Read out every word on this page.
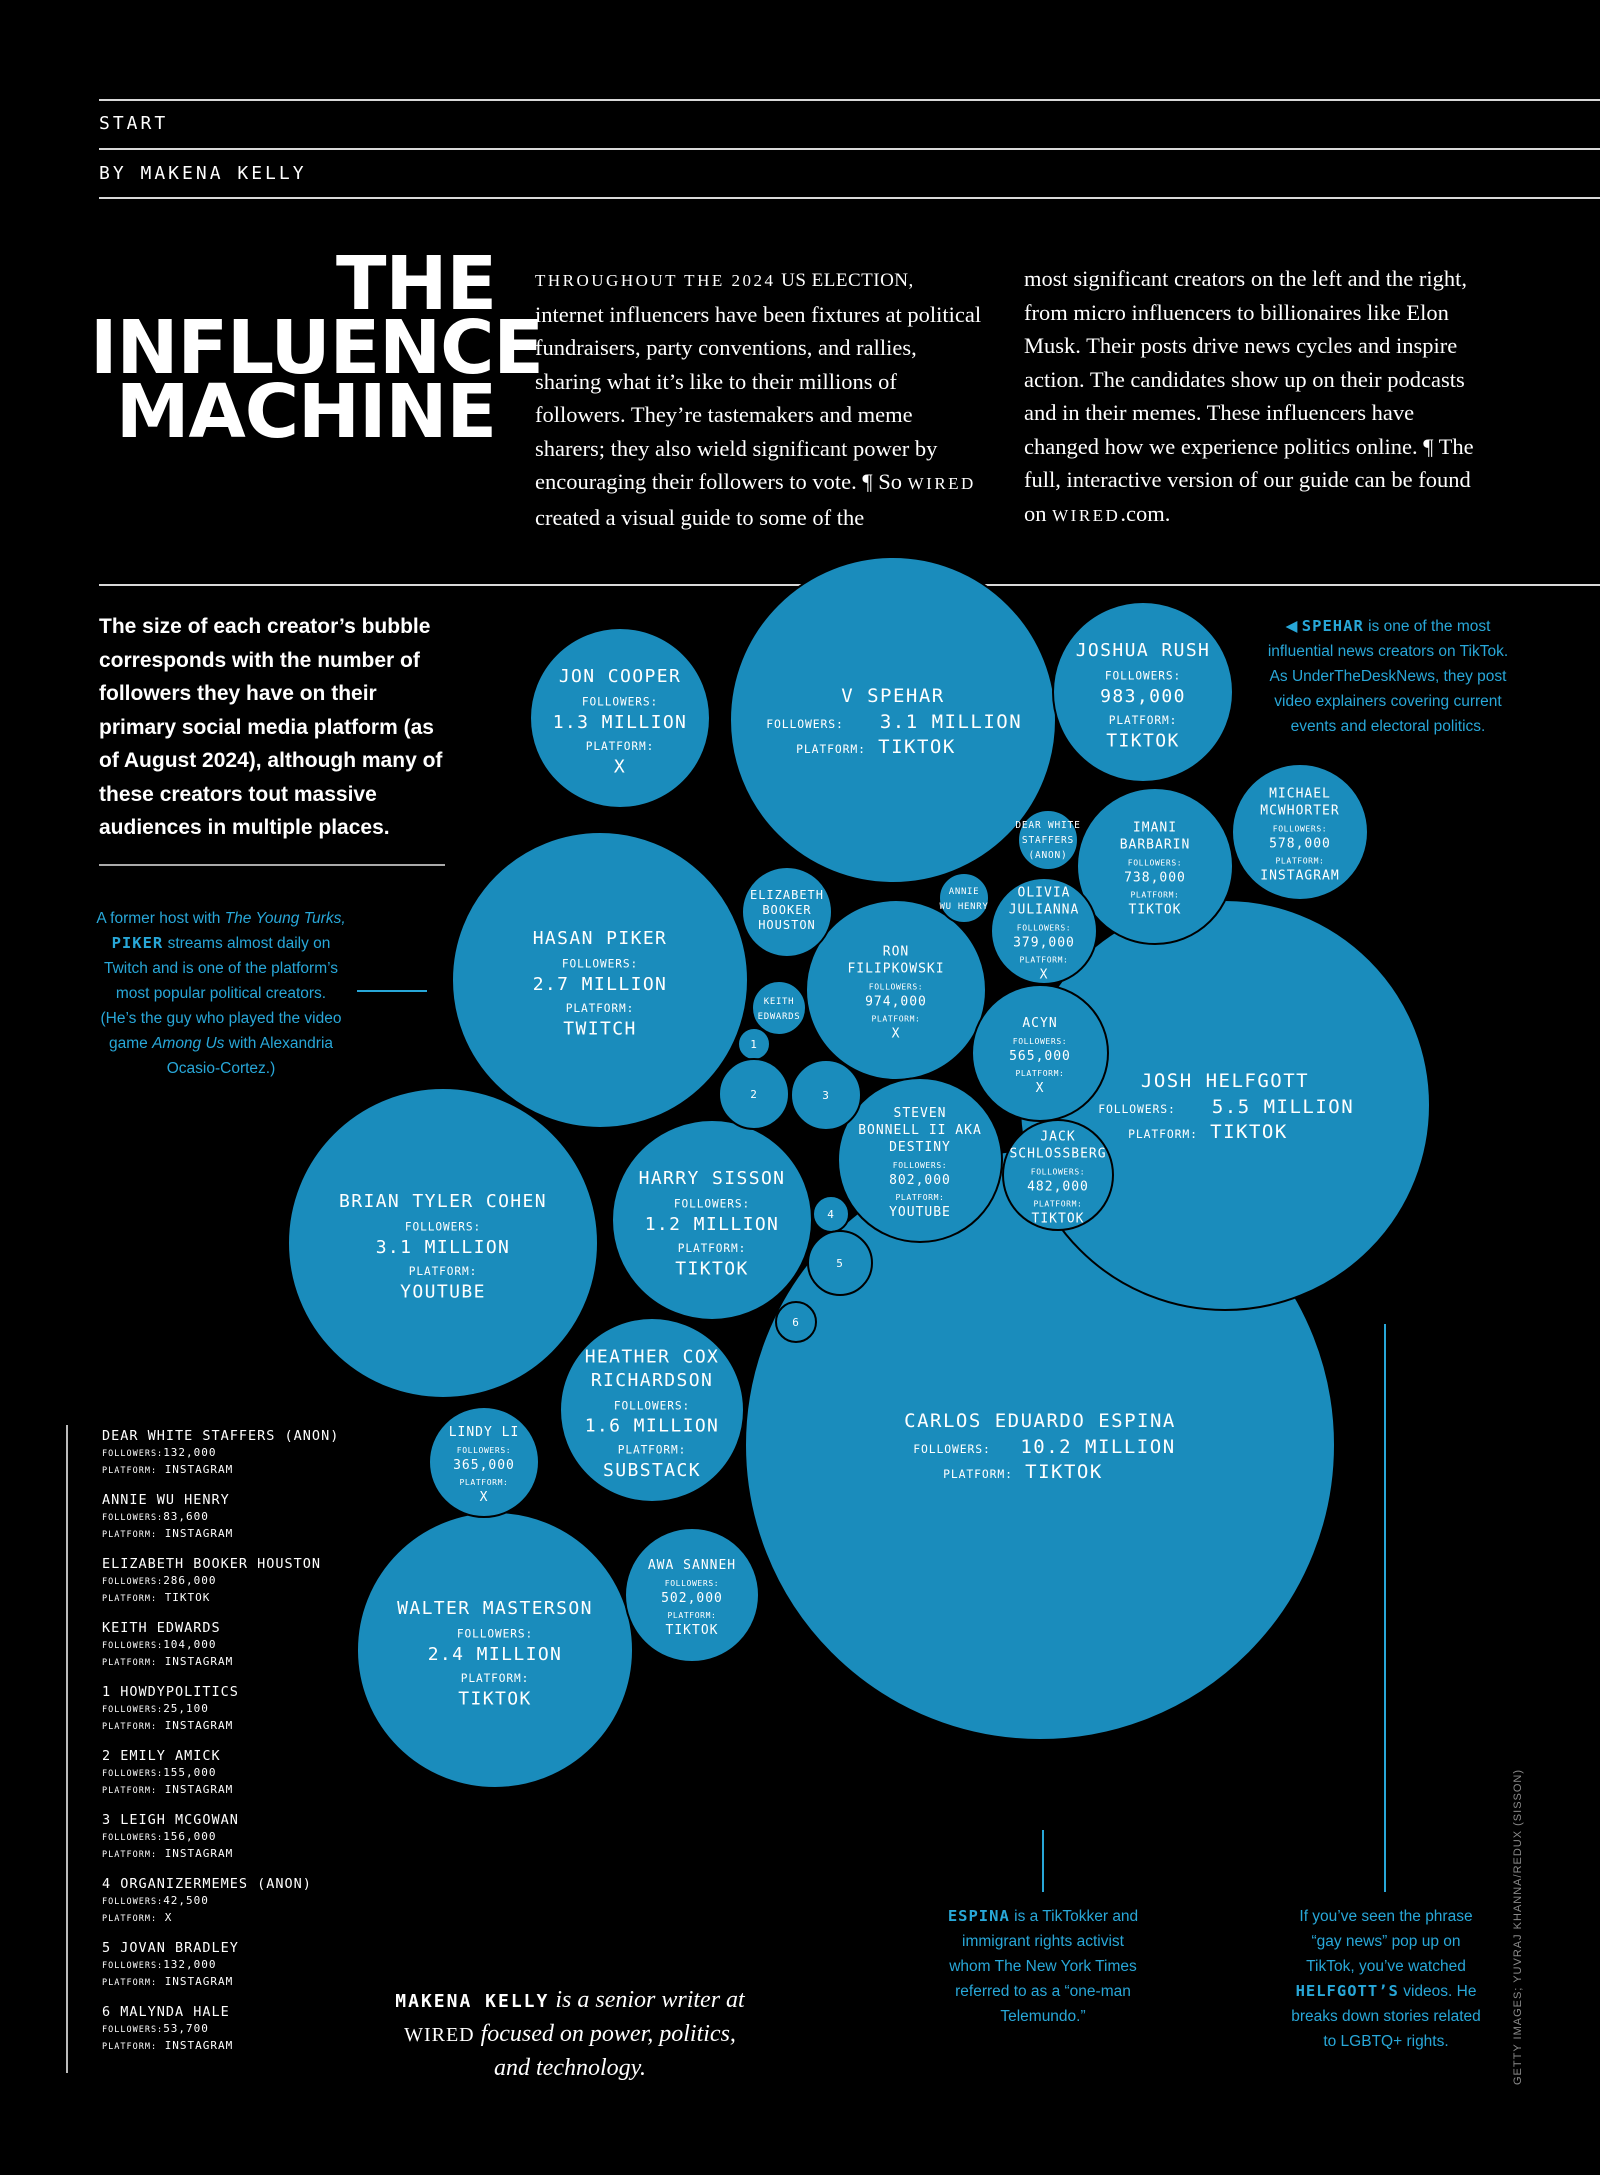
START
BY MAKENA KELLY
THE
INFLUENCE
MACHINE
THROUGHOUT THE 2024 US ELECTION, internet influencers have been fixtures at political fundraisers, party conventions, and rallies, sharing what it’s like to their millions of followers. They’re tastemakers and meme sharers; they also wield significant power by encouraging their followers to vote. ¶ So WIRED created a visual guide to some of the
most significant creators on the left and the right, from micro influencers to billionaires like Elon Musk. Their posts drive news cycles and inspire action. The candidates show up on their podcasts and in their memes. These influencers have changed how we experience politics online. ¶ The full, interactive version of our guide can be found on WIRED.com.
The size of each creator’s bubble corresponds with the number of followers they have on their primary social media platform (as of August 2024), although many of these creators tout massive audiences in multiple places.
◀ SPEHAR is one of the most influential news creators on TikTok. As UnderTheDeskNews, they post video explainers covering current events and electoral politics.
A former host with The Young Turks, PIKER streams almost daily on Twitch and is one of the platform’s most popular political creators. (He’s the guy who played the video game Among Us with Alexandria Ocasio-Cortez.)
ESPINA is a TikTokker and immigrant rights activist whom The New York Times referred to as a “one-man Telemundo.”
If you’ve seen the phrase “gay news” pop up on TikTok, you’ve watched HELFGOTT’S videos. He breaks down stories related to LGBTQ+ rights.
CARLOS EDUARDO ESPINA
FOLLOWERS: 10.2 MILLION
PLATFORM: TIKTOK
JOSH HELFGOTT
FOLLOWERS: 5.5 MILLION
PLATFORM: TIKTOK
V SPEHAR
FOLLOWERS: 3.1 MILLION
PLATFORM: TIKTOK
BRIAN TYLER COHEN
FOLLOWERS:
3.1 MILLION
PLATFORM:
YOUTUBE
HASAN PIKER
FOLLOWERS:
2.7 MILLION
PLATFORM:
TWITCH
WALTER MASTERSON
FOLLOWERS:
2.4 MILLION
PLATFORM:
TIKTOK
HEATHER COX
RICHARDSON
FOLLOWERS:
1.6 MILLION
PLATFORM:
SUBSTACK
JON COOPER
FOLLOWERS:
1.3 MILLION
PLATFORM:
X
HARRY SISSON
FOLLOWERS:
1.2 MILLION
PLATFORM:
TIKTOK
JOSHUA RUSH
FOLLOWERS:
983,000
PLATFORM:
TIKTOK
RON
FILIPKOWSKI
FOLLOWERS:
974,000
PLATFORM:
X
STEVEN
BONNELL II AKA
DESTINY
FOLLOWERS:
802,000
PLATFORM:
YOUTUBE
IMANI
BARBARIN
FOLLOWERS:
738,000
PLATFORM:
TIKTOK
MICHAEL
MCWHORTER
FOLLOWERS:
578,000
PLATFORM:
INSTAGRAM
ACYN
FOLLOWERS:
565,000
PLATFORM:
X
AWA SANNEH
FOLLOWERS:
502,000
PLATFORM:
TIKTOK
JACK
SCHLOSSBERG
FOLLOWERS:
482,000
PLATFORM:
TIKTOK
OLIVIA
JULIANNA
FOLLOWERS:
379,000
PLATFORM:
X
LINDY LI
FOLLOWERS:
365,000
PLATFORM:
X
DEAR WHITE
STAFFERS
(ANON)
ELIZABETH
BOOKER
HOUSTON
ANNIE
WU HENRY
KEITH
EDWARDS
1
2	3
4
5
6
DEAR WHITE STAFFERS (ANON)
FOLLOWERS:132,000
PLATFORM: INSTAGRAM
ANNIE WU HENRY
FOLLOWERS:83,600
PLATFORM: INSTAGRAM
ELIZABETH BOOKER HOUSTON
FOLLOWERS:286,000
PLATFORM: TIKTOK
KEITH EDWARDS
FOLLOWERS:104,000
PLATFORM: INSTAGRAM
1 HOWDYPOLITICS
FOLLOWERS:25,100
PLATFORM: INSTAGRAM
2 EMILY AMICK
FOLLOWERS:155,000
PLATFORM: INSTAGRAM
3 LEIGH MCGOWAN
FOLLOWERS:156,000
PLATFORM: INSTAGRAM
4 ORGANIZERMEMES (ANON)
FOLLOWERS:42,500
PLATFORM: X
5 JOVAN BRADLEY
FOLLOWERS:132,000
PLATFORM: INSTAGRAM
6 MALYNDA HALE
FOLLOWERS:53,700
PLATFORM: INSTAGRAM
MAKENA KELLY is a senior writer at WIRED focused on power, politics, and technology.	GETTY IMAGES; YUVRAJ KHANNA/REDUX (SISSON)
